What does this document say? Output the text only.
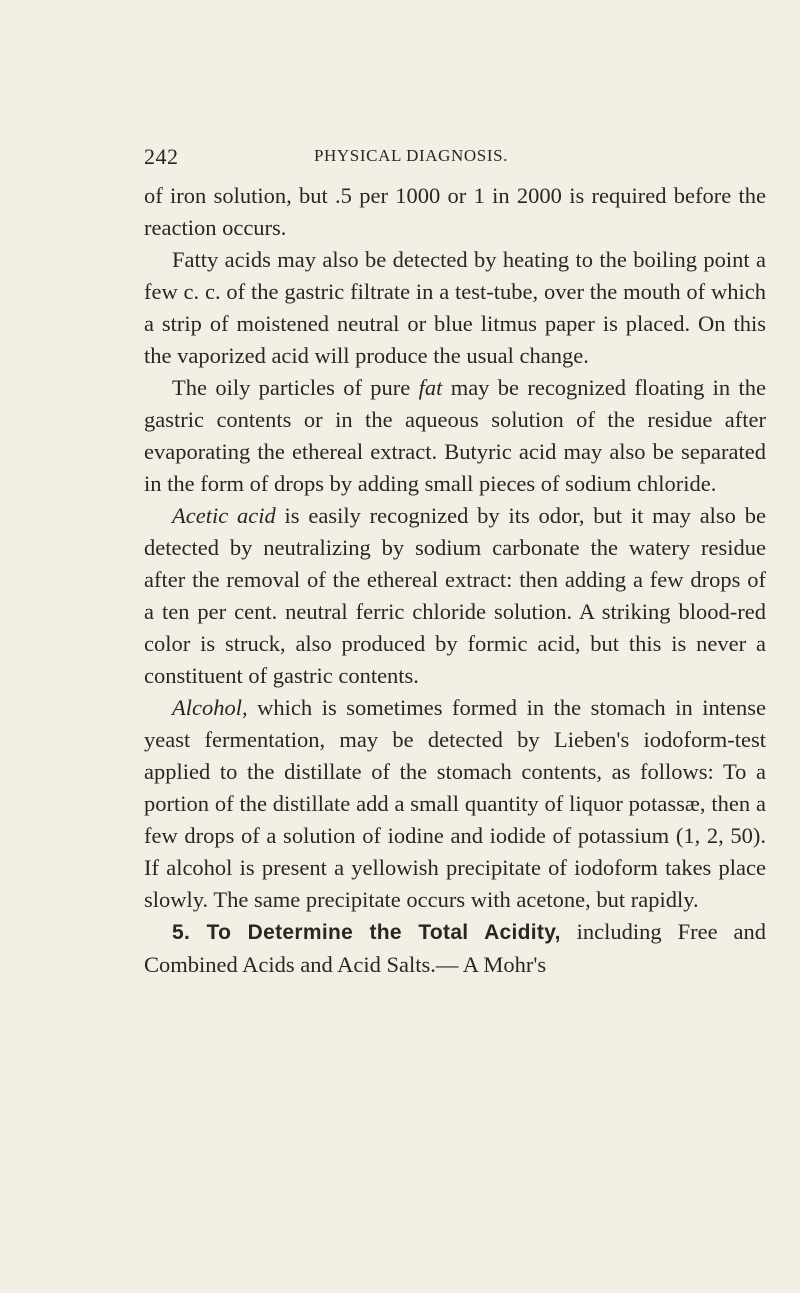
242	PHYSICAL DIAGNOSIS.

of iron solution, but .5 per 1000 or 1 in 2000 is required before the reaction occurs.

Fatty acids may also be detected by heating to the boiling point a few c. c. of the gastric filtrate in a test-tube, over the mouth of which a strip of moistened neutral or blue litmus paper is placed. On this the vaporized acid will produce the usual change.

The oily particles of pure fat may be recognized floating in the gastric contents or in the aqueous solution of the residue after evaporating the ethereal extract. Butyric acid may also be separated in the form of drops by adding small pieces of sodium chloride.

Acetic acid is easily recognized by its odor, but it may also be detected by neutralizing by sodium carbonate the watery residue after the removal of the ethereal extract: then adding a few drops of a ten per cent. neutral ferric chloride solution. A striking blood-red color is struck, also produced by formic acid, but this is never a constituent of gastric contents.

Alcohol, which is sometimes formed in the stomach in intense yeast fermentation, may be detected by Lieben's iodoform-test applied to the distillate of the stomach contents, as follows: To a portion of the distillate add a small quantity of liquor potassæ, then a few drops of a solution of iodine and iodide of potassium (1, 2, 50). If alcohol is present a yellowish precipitate of iodoform takes place slowly. The same precipitate occurs with acetone, but rapidly.

5. To Determine the Total Acidity, including Free and Combined Acids and Acid Salts.— A Mohr's
